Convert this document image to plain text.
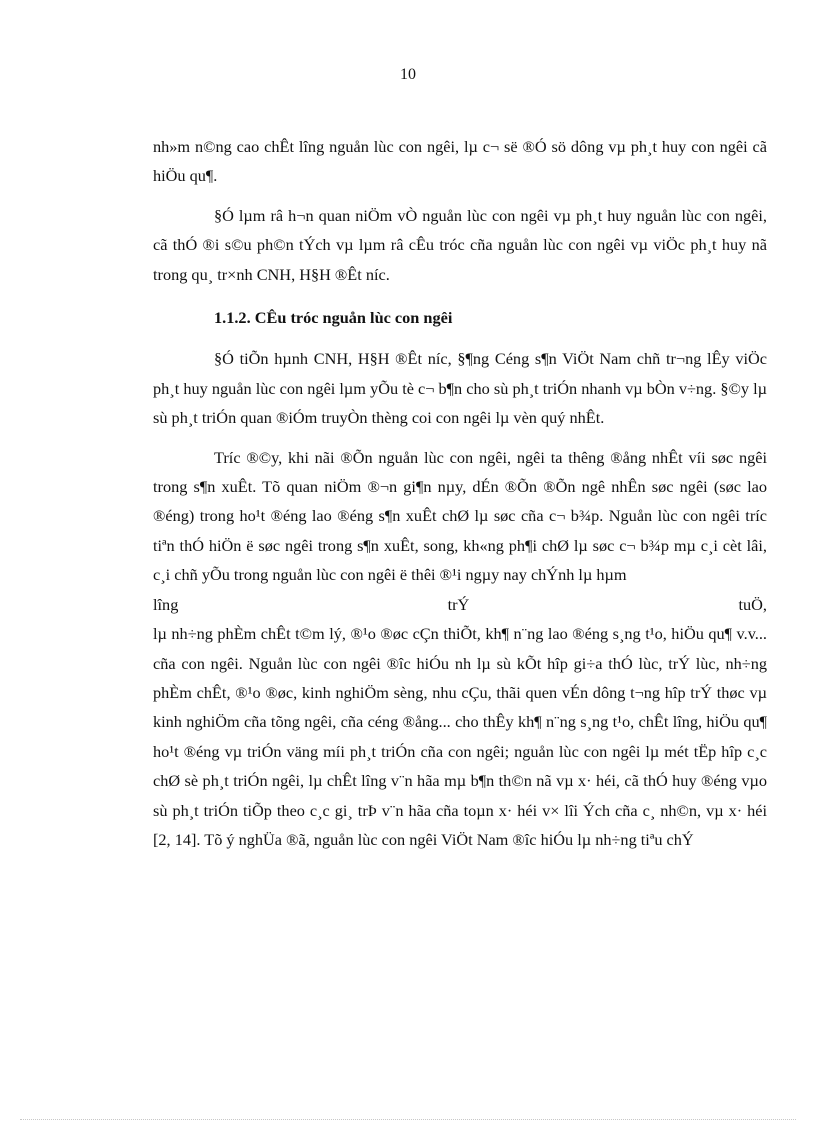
10

nh»m n©ng cao chÊt lîng nguån lùc con ngêi, lµ c¬ së ®Ó sö dông vµ ph¸t huy con ngêi cã hiÖu qu¶.

§Ó lµm râ h¬n quan niÖm vÒ nguån lùc con ngêi vµ ph¸t huy nguån lùc con ngêi, cã thÓ ®i s©u ph©n tÝch vµ lµm râ cÊu tróc cña nguån lùc con ngêi vµ viÖc ph¸t huy nã trong qu¸ tr×nh CNH, H§H ®Êt níc.

1.1.2. CÊu tróc nguån lùc con ngêi

§Ó tiÕn hµnh CNH, H§H ®Êt níc, §¶ng Céng s¶n ViÖt Nam chñ tr¬ng lÊy viÖc ph¸t huy nguån lùc con ngêi lµm yÕu tè c¬ b¶n cho sù ph¸t triÓn nhanh vµ bÒn v÷ng. §©y lµ sù ph¸t triÓn quan ®iÓm truyÒn thèng coi con ngêi lµ vèn quý nhÊt.

Tríc ®©y, khi nãi ®Õn nguån lùc con ngêi, ngêi ta thêng ®ång nhÊt víi søc ngêi trong s¶n xuÊt. Tõ quan niÖm ®¬n gi¶n nµy, dÉn ®Õn ®Õn ngê nhÊn søc ngêi (søc lao ®éng) trong ho¹t ®éng lao ®éng s¶n xuÊt chØ lµ søc cña c¬ b¾p. Nguån lùc con ngêi tríc tiªn thÓ hiÖn ë søc ngêi trong s¶n xuÊt, song, kh«ng ph¶i chØ lµ søc c¬ b¾p mµ c¸i cèt lâi, c¸i chñ yÕu trong nguån lùc con ngêi ë thêi ®¹i ngµy nay chÝnh lµ hµm

lîng	trÝ	tuÖ,

lµ nh÷ng phÈm chÊt t©m lý, ®¹o ®øc cÇn thiÕt, kh¶ n¨ng lao ®éng s¸ng t¹o, hiÖu qu¶ v.v... cña con ngêi. Nguån lùc con ngêi ®îc hiÓu nh lµ sù kÕt hîp gi÷a thÓ lùc, trÝ lùc, nh÷ng phÈm chÊt, ®¹o ®øc, kinh nghiÖm sèng, nhu cÇu, thãi quen vÉn dông t¬ng hîp trÝ thøc vµ kinh nghiÖm cña tõng ngêi, cña céng ®ång... cho thÊy kh¶ n¨ng s¸ng t¹o, chÊt lîng, hiÖu qu¶ ho¹t ®éng vµ triÓn väng míi ph¸t triÓn cña con ngêi; nguån lùc con ngêi lµ mét tËp hîp c¸c chØ sè ph¸t triÓn ngêi, lµ chÊt lîng v¨n hãa mµ b¶n th©n nã vµ x· héi, cã thÓ huy ®éng vµo sù ph¸t triÓn tiÕp theo c¸c gi¸ trÞ v¨n hãa cña toµn x· héi v× lîi Ých cña c¸ nh©n, vµ x· héi [2, 14]. Tõ ý nghÜa ®ã, nguån lùc con ngêi ViÖt Nam ®îc hiÓu lµ nh÷ng tiªu chÝ
